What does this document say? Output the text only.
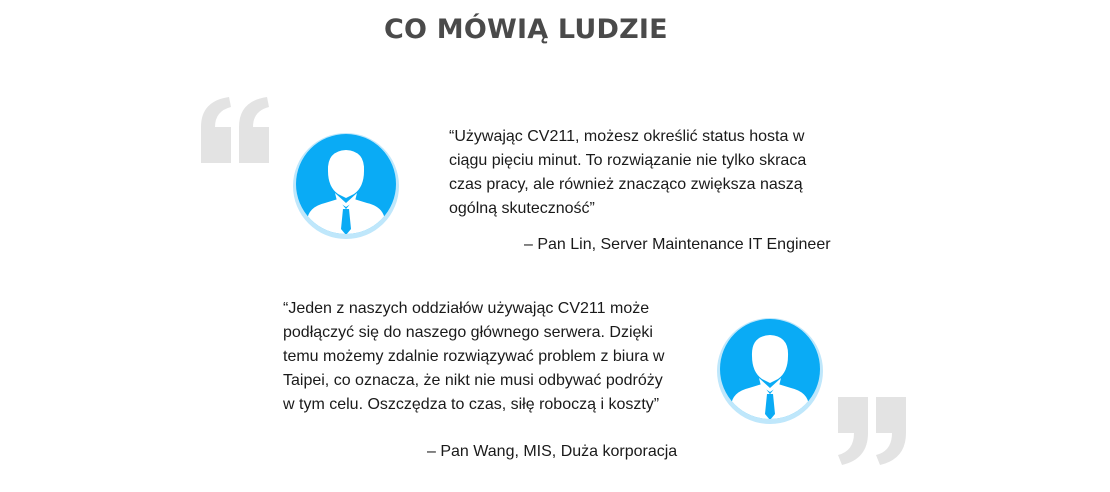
CO MÓWIĄ LUDZIE
“Używając CV211, możesz określić status hosta w ciągu pięciu minut. To rozwiązanie nie tylko skraca czas pracy, ale również znacząco zwiększa naszą ogólną skuteczność”
– Pan Lin, Server Maintenance IT Engineer
“Jeden z naszych oddziałów używając CV211 może podłączyć się do naszego głównego serwera. Dzięki temu możemy zdalnie rozwiązywać problem z biura w Taipei, co oznacza, że nikt nie musi odbywać podróży w tym celu. Oszczędza to czas, siłę roboczą i koszty”
– Pan Wang, MIS, Duża korporacja
